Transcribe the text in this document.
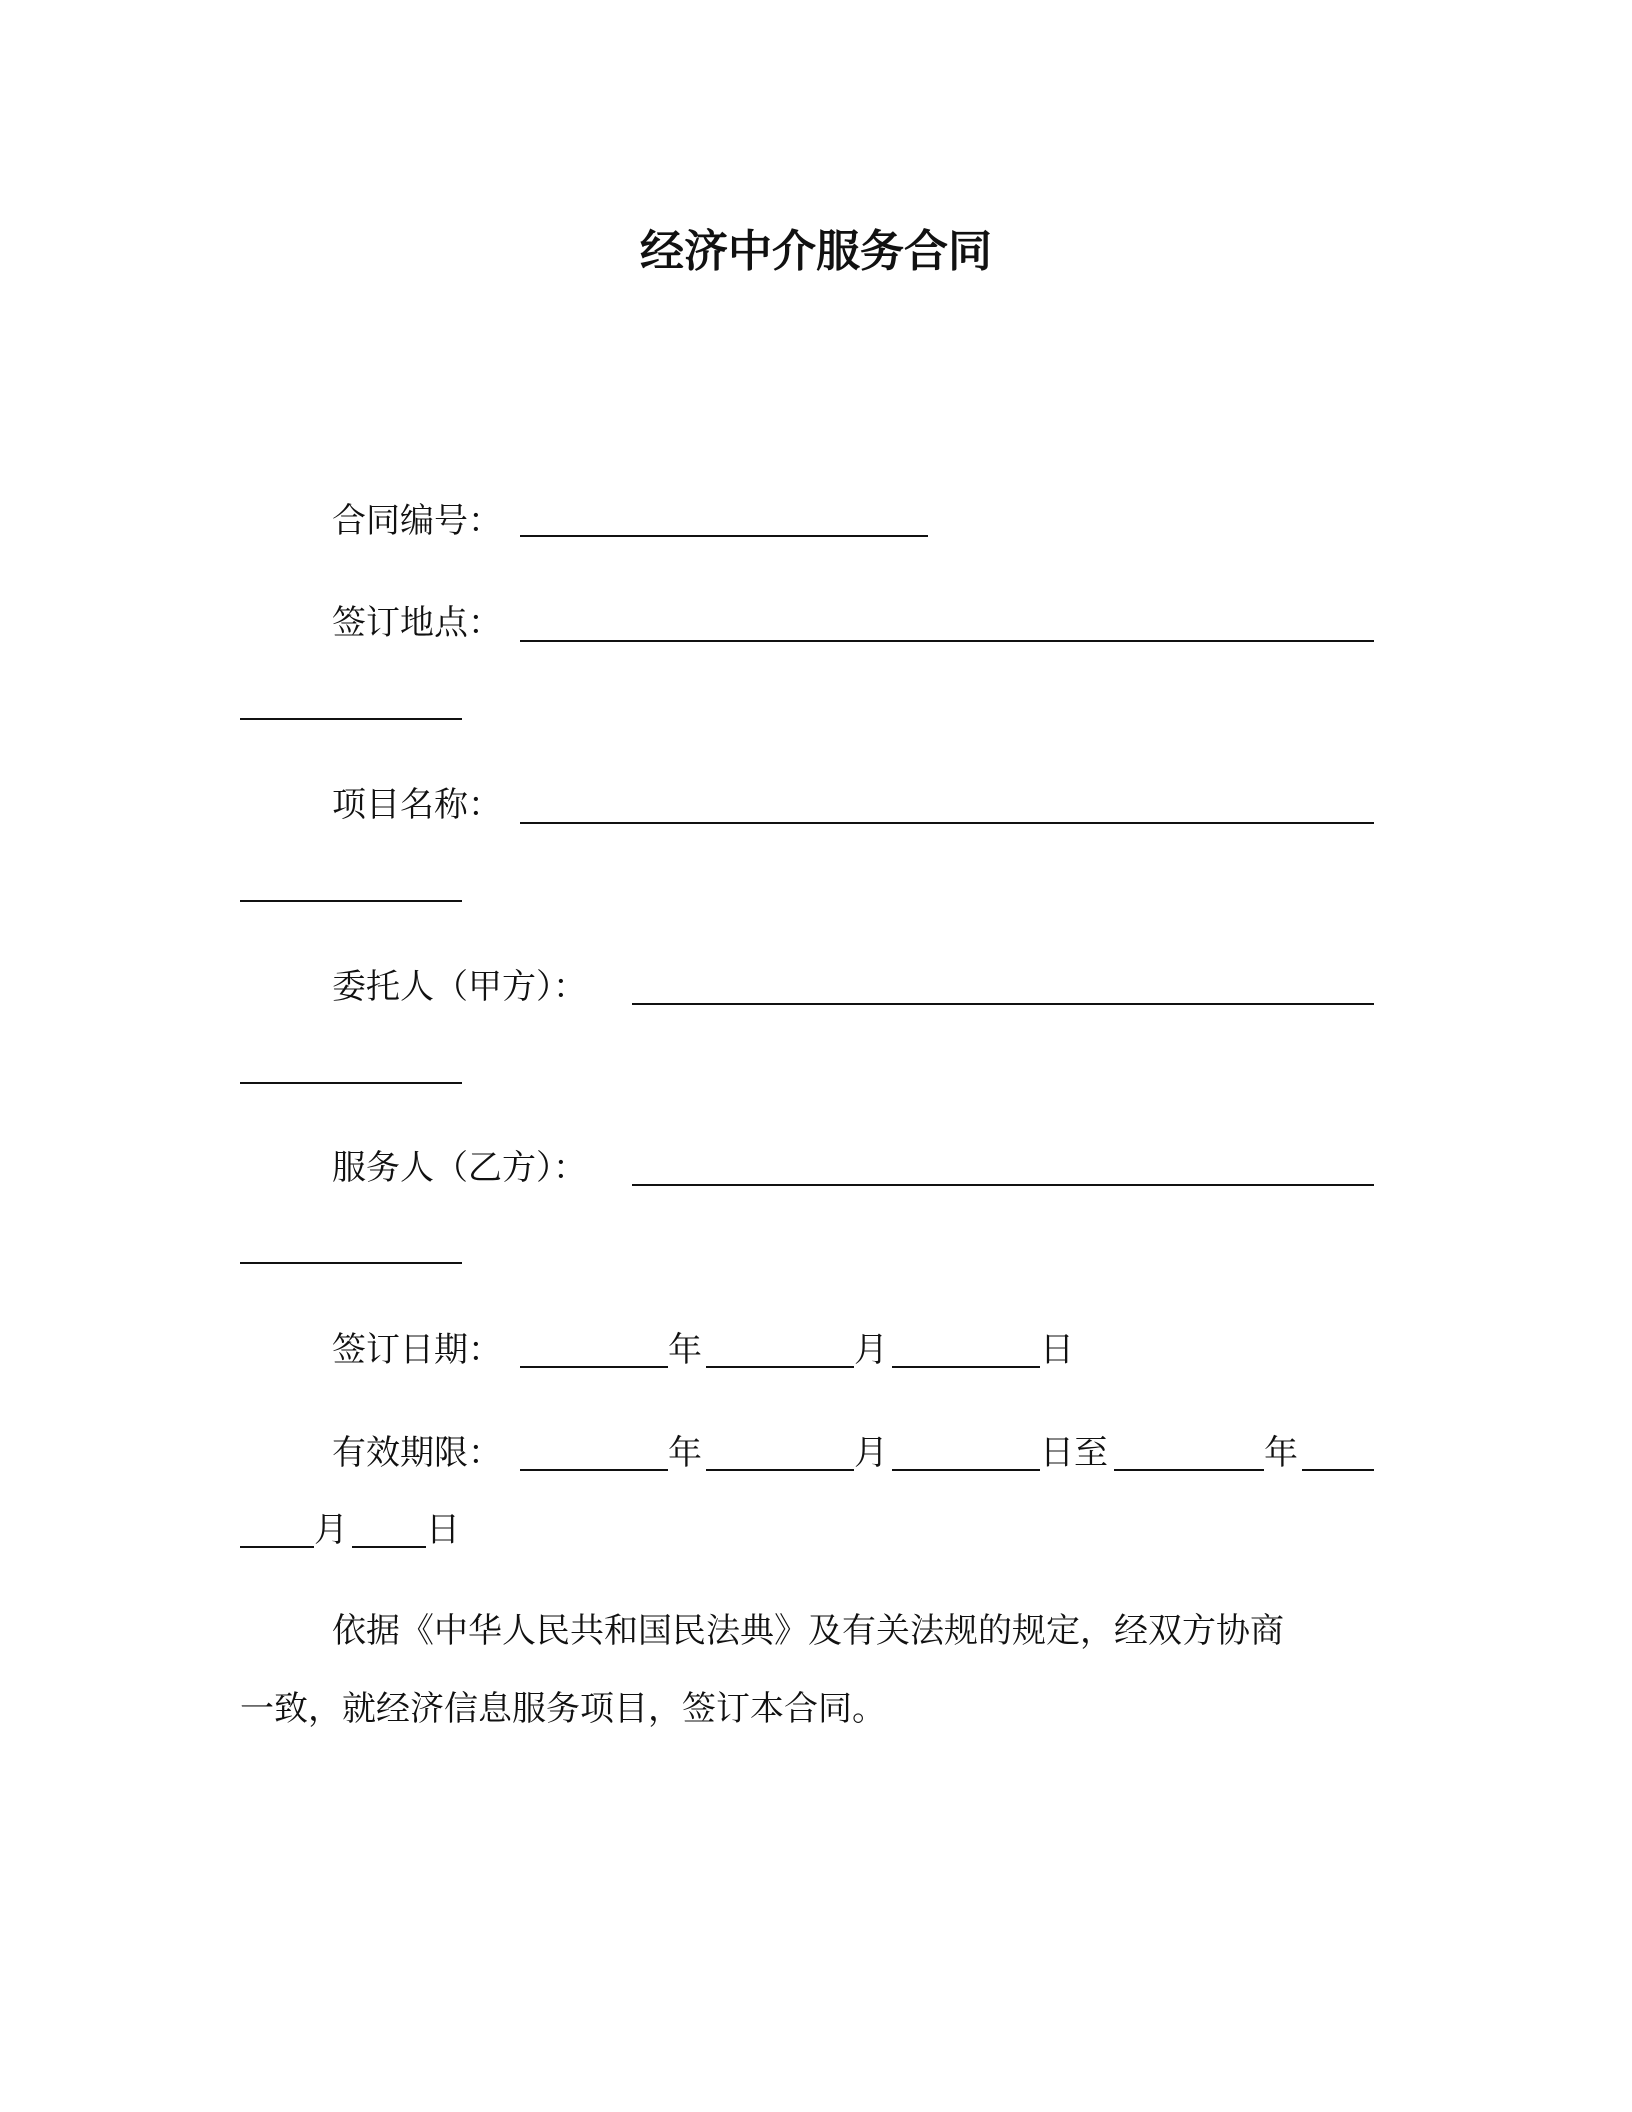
经济中介服务合同
合同编号：
签订地点：
项目名称：
委托人（甲方）：
服务人（乙方）：
签订日期：	年	月	日
有效期限：	年	月	日至	年
月 日
依据《中华人民共和国民法典》及有关法规的规定，经双方协商
一致，就经济信息服务项目，签订本合同。
